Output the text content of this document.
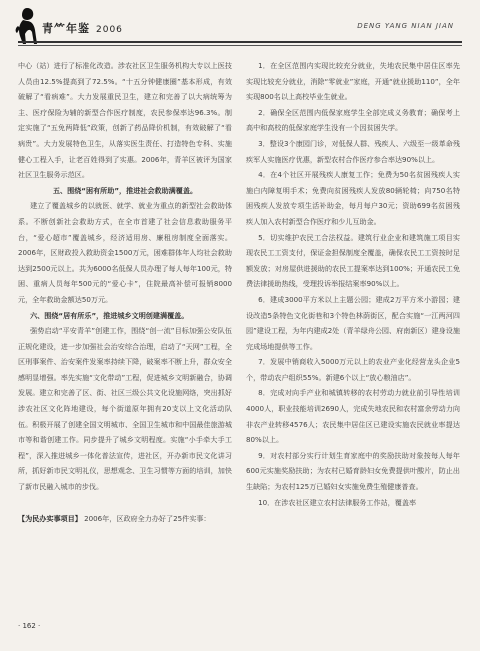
青⺮年鉴 2006	DENG YANG NIAN JIAN

中心（站）进行了标准化改造。涉农社区卫生服务机构大专以上医技人员由12.5%提高到了72.5%。“十五分钟健康圈”基本形成，有效破解了“看病难”。大力发展重民卫生，建立和完善了以大病统筹为主、医疗保险为辅的新型合作医疗制度，农民参保率达96.3%。制定实施了“五免两降低”政策，创新了药品降价机制，有效破解了“看病贵”。大力发展特色卫生，从落实医生责任、打造特色专科、实施健心工程入手，让老百姓得到了实惠。2006年，青羊区被评为国家社区卫生服务示范区。

五、围绕“困有所助”，推进社会救助满覆盖。

建立了覆盖城乡的以就医、就学、就业为重点的新型社会救助体系。不断创新社会救助方式，在全市首建了社会信息救助服务平台，“爱心超市”覆盖城乡，经济适用房、廉租房制度全面落实。2006年，区财政投入救助资金1500万元，困难群体年人均社会救助达到2500元以上。共为6000名低保人员办理了每人每年100元，特困、重病人员每年500元的“爱心卡”，住院最高补偿可报销8000元，全年救助金额达50万元。

六、围绕“居有所乐”，推进城乡文明创建满覆盖。

强势启动“平安青羊”创建工作，围绕“创一流”目标加强公安队伍正规化建设，进一步加强社会治安综合治理，启动了“天网”工程，全区刑事案件、治安案件发案率持续下降，破案率不断上升，群众安全感明显增强。率先实施“文化带动”工程，促进城乡文明新融合，协调发展。建立和完善了区、街、社区三级公共文化设施网络，突出抓好涉农社区文化阵地建设，每个街道原年拥有20支以上文化活动队伍。积极开展了创建全国文明城市、全国卫生城市和中国最佳旅游城市等和谐创建工作。同步提升了城乡文明程度。实施“小手牵大手工程”，深入推进城乡一体化普法宣传，进社区，开办新市民文化讲习所，抓好新市民文明礼仪，思想观念、卫生习惯等方面的培训，加快了新市民融入城市的步伐。

【为民办实事项目】 2006年，区政府全力办好了25件实事：

1．在全区范围内实现比较充分就业，失地农民集中居住区率先实现比较充分就业，消除“零就业”家庭，开通“就业援助110”，全年实现800名以上高校毕业生就业。

2．确保全区范围内低保家庭学生全部完成义务教育；确保考上高中和高校的低保家庭学生没有一个因贫困失学。

3．整设3个康园门诊，对低保人群、残疾人、六级至一级革命残疾军人实施医疗优惠，新型农村合作医疗参合率达90%以上。

4．在4个社区开展残疾人康复工作；免费为50名贫困残疾人实施白内障复明手术；免费向贫困残疾人发放80辆轮椅；向750名特困残疾人发放专项生活补助金，每月每户30元；资助699名贫困残疾人加入农村新型合作医疗和少儿互助金。

5．切实维护农民工合法权益。建筑行业企业和建筑施工项目实现农民工工资支付，保证金担保制度全覆盖，确保农民工工资按时足额发放；对房屋供进援助的农民工提案率达到100%；开通农民工免费法律援助热线，受理投诉举报结案率90%以上。

6．建成3000平方米以上主题公园；建成2万平方米小游园；建设改造5条特色文化街巷和3个特色林荫街区，配合实施“一江两河四园”建设工程，为年内建成2处（青羊绿舟公园、府南新区）建身设施完成场地提供等工作。

7．发展中销商收入5000万元以上的农业产业化经营龙头企业5个，带动农户组织55%。新建6个以上“放心粮油店”。

8．完成对向手产业和城镇转移的农村劳动力就业前引导性培训4000人，职业技能培训2690人，完成失地农民和农村富余劳动力向非农产业转移4576人；农民集中居住区已建设实施农民就业率提达80%以上。

9．对农村部分实行计划生育家庭中的奖励扶助对象按每人每年600元实施奖励扶助；为农村已婚育龄妇女免费提供叶酸片，防止出生缺陷；为农村125万已婚妇女实施免费生殖健康普查。

10．在涉农社区建立农村法律服务工作站，覆盖率

· 162 ·
